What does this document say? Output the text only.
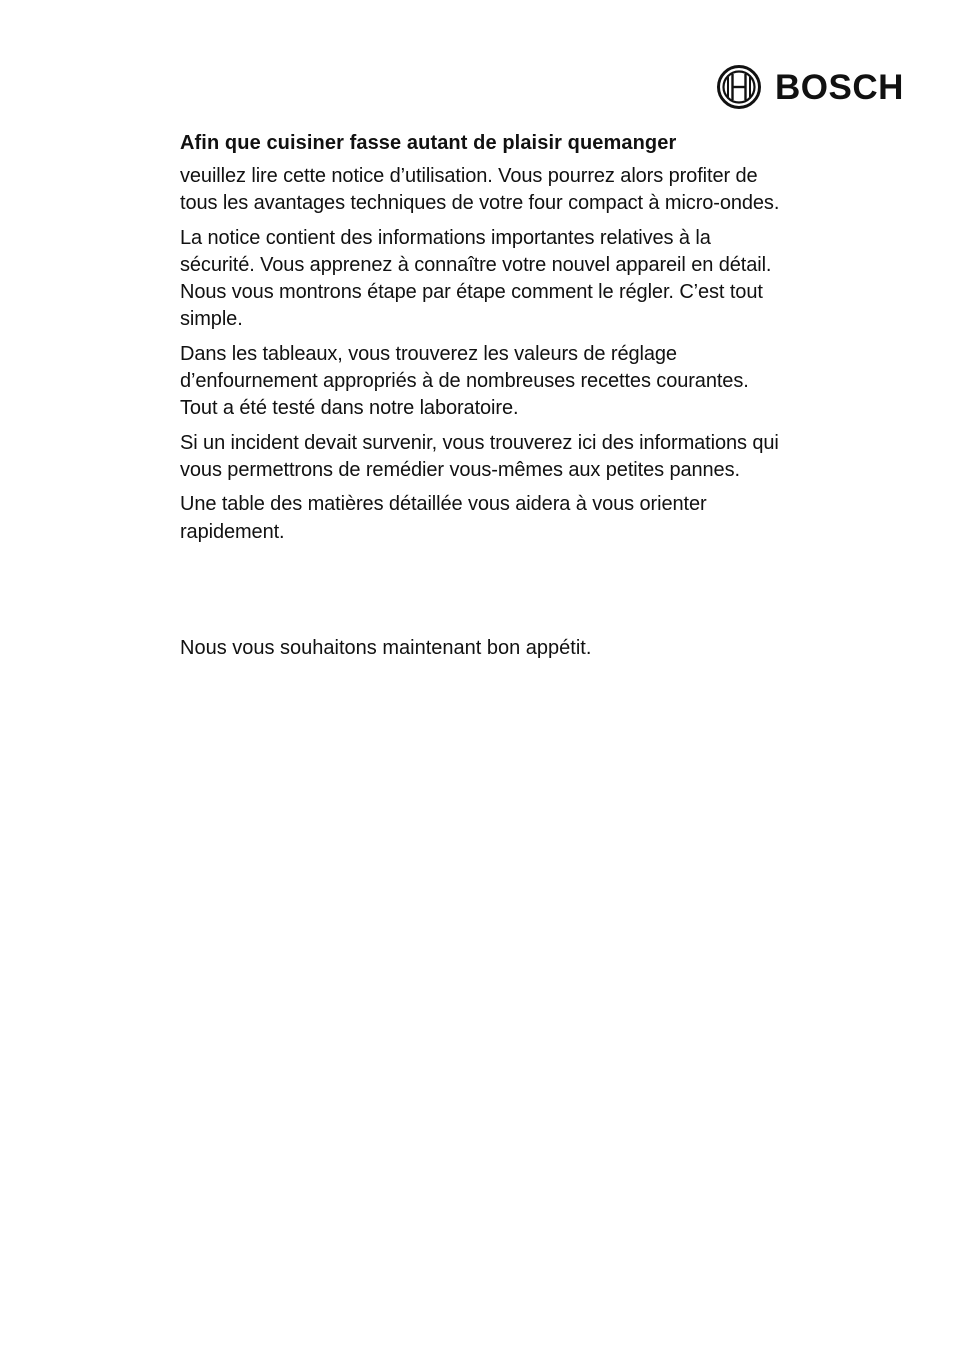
BOSCH

Afin que cuisiner fasse autant de plaisir quemanger

veuillez lire cette notice d’utilisation. Vous pourrez alors profiter de tous les avantages techniques de votre four compact à micro-ondes.

La notice contient des informations importantes relatives à la sécurité. Vous apprenez à connaître votre nouvel appareil en détail. Nous vous montrons étape par étape comment le régler. C’est tout simple.

Dans les tableaux, vous trouverez les valeurs de réglage d’enfournement appropriés à de nombreuses recettes courantes. Tout a été testé dans notre laboratoire.

Si un incident devait survenir, vous trouverez ici des informations qui vous permettrons de remédier vous-mêmes aux petites pannes.

Une table des matières détaillée vous aidera à vous orienter rapidement.

Nous vous souhaitons maintenant bon appétit.
